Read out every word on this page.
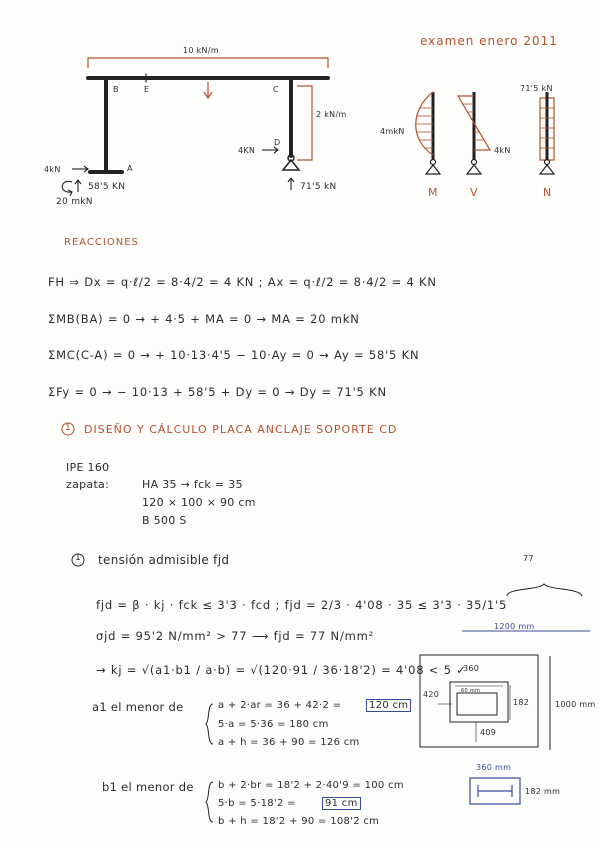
examen enero 2011
10 kN/m
B	E	C
D
A
2 kN/m
4kN
58'5 KN
20 mkN
4KN
71'5 kN
4mkN
4kN
71'5 kN
M	V	N
REACCIONES
FH ⇒ Dx = q·ℓ/2 = 8·4/2 = 4 KN ; Ax = q·ℓ/2 = 8·4/2 = 4 KN
ΣMB(BA) = 0 → + 4·5 + MA = 0 → MA = 20 mkN
ΣMC(C-A) = 0 → + 10·13·4'5 − 10·Ay = 0 → Ay = 58'5 KN
ΣFy = 0 → − 10·13 + 58'5 + Dy = 0 → Dy = 71'5 KN
1 DISEÑO Y CÁLCULO PLACA ANCLAJE SOPORTE CD
IPE 160
zapata:	HA 35 → fck = 35
120 × 100 × 90 cm
B 500 S
1 tensión admisible fjd	77
fjd = β · kj · fck ≤ 3'3 · fcd ; fjd = 2/3 · 4'08 · 35 ≤ 3'3 · 35/1'5
σjd = 95'2 N/mm² > 77 ⟶ fjd = 77 N/mm²
→ kj = √(a1·b1 / a·b) = √(120·91 / 36·18'2) = 4'08 < 5 ✓
a1 el menor de	a + 2·ar = 36 + 42·2 =	120 cm
5·a = 5·36 = 180 cm
a + h = 36 + 90 = 126 cm
b1 el menor de b + 2·br = 18'2 + 2·40'9 = 100 cm
5·b = 5·18'2 =	91 cm
b + h = 18'2 + 90 = 108'2 cm
1200 mm
1000 mm
360
420
182
409
60 mm
360 mm
182 mm
